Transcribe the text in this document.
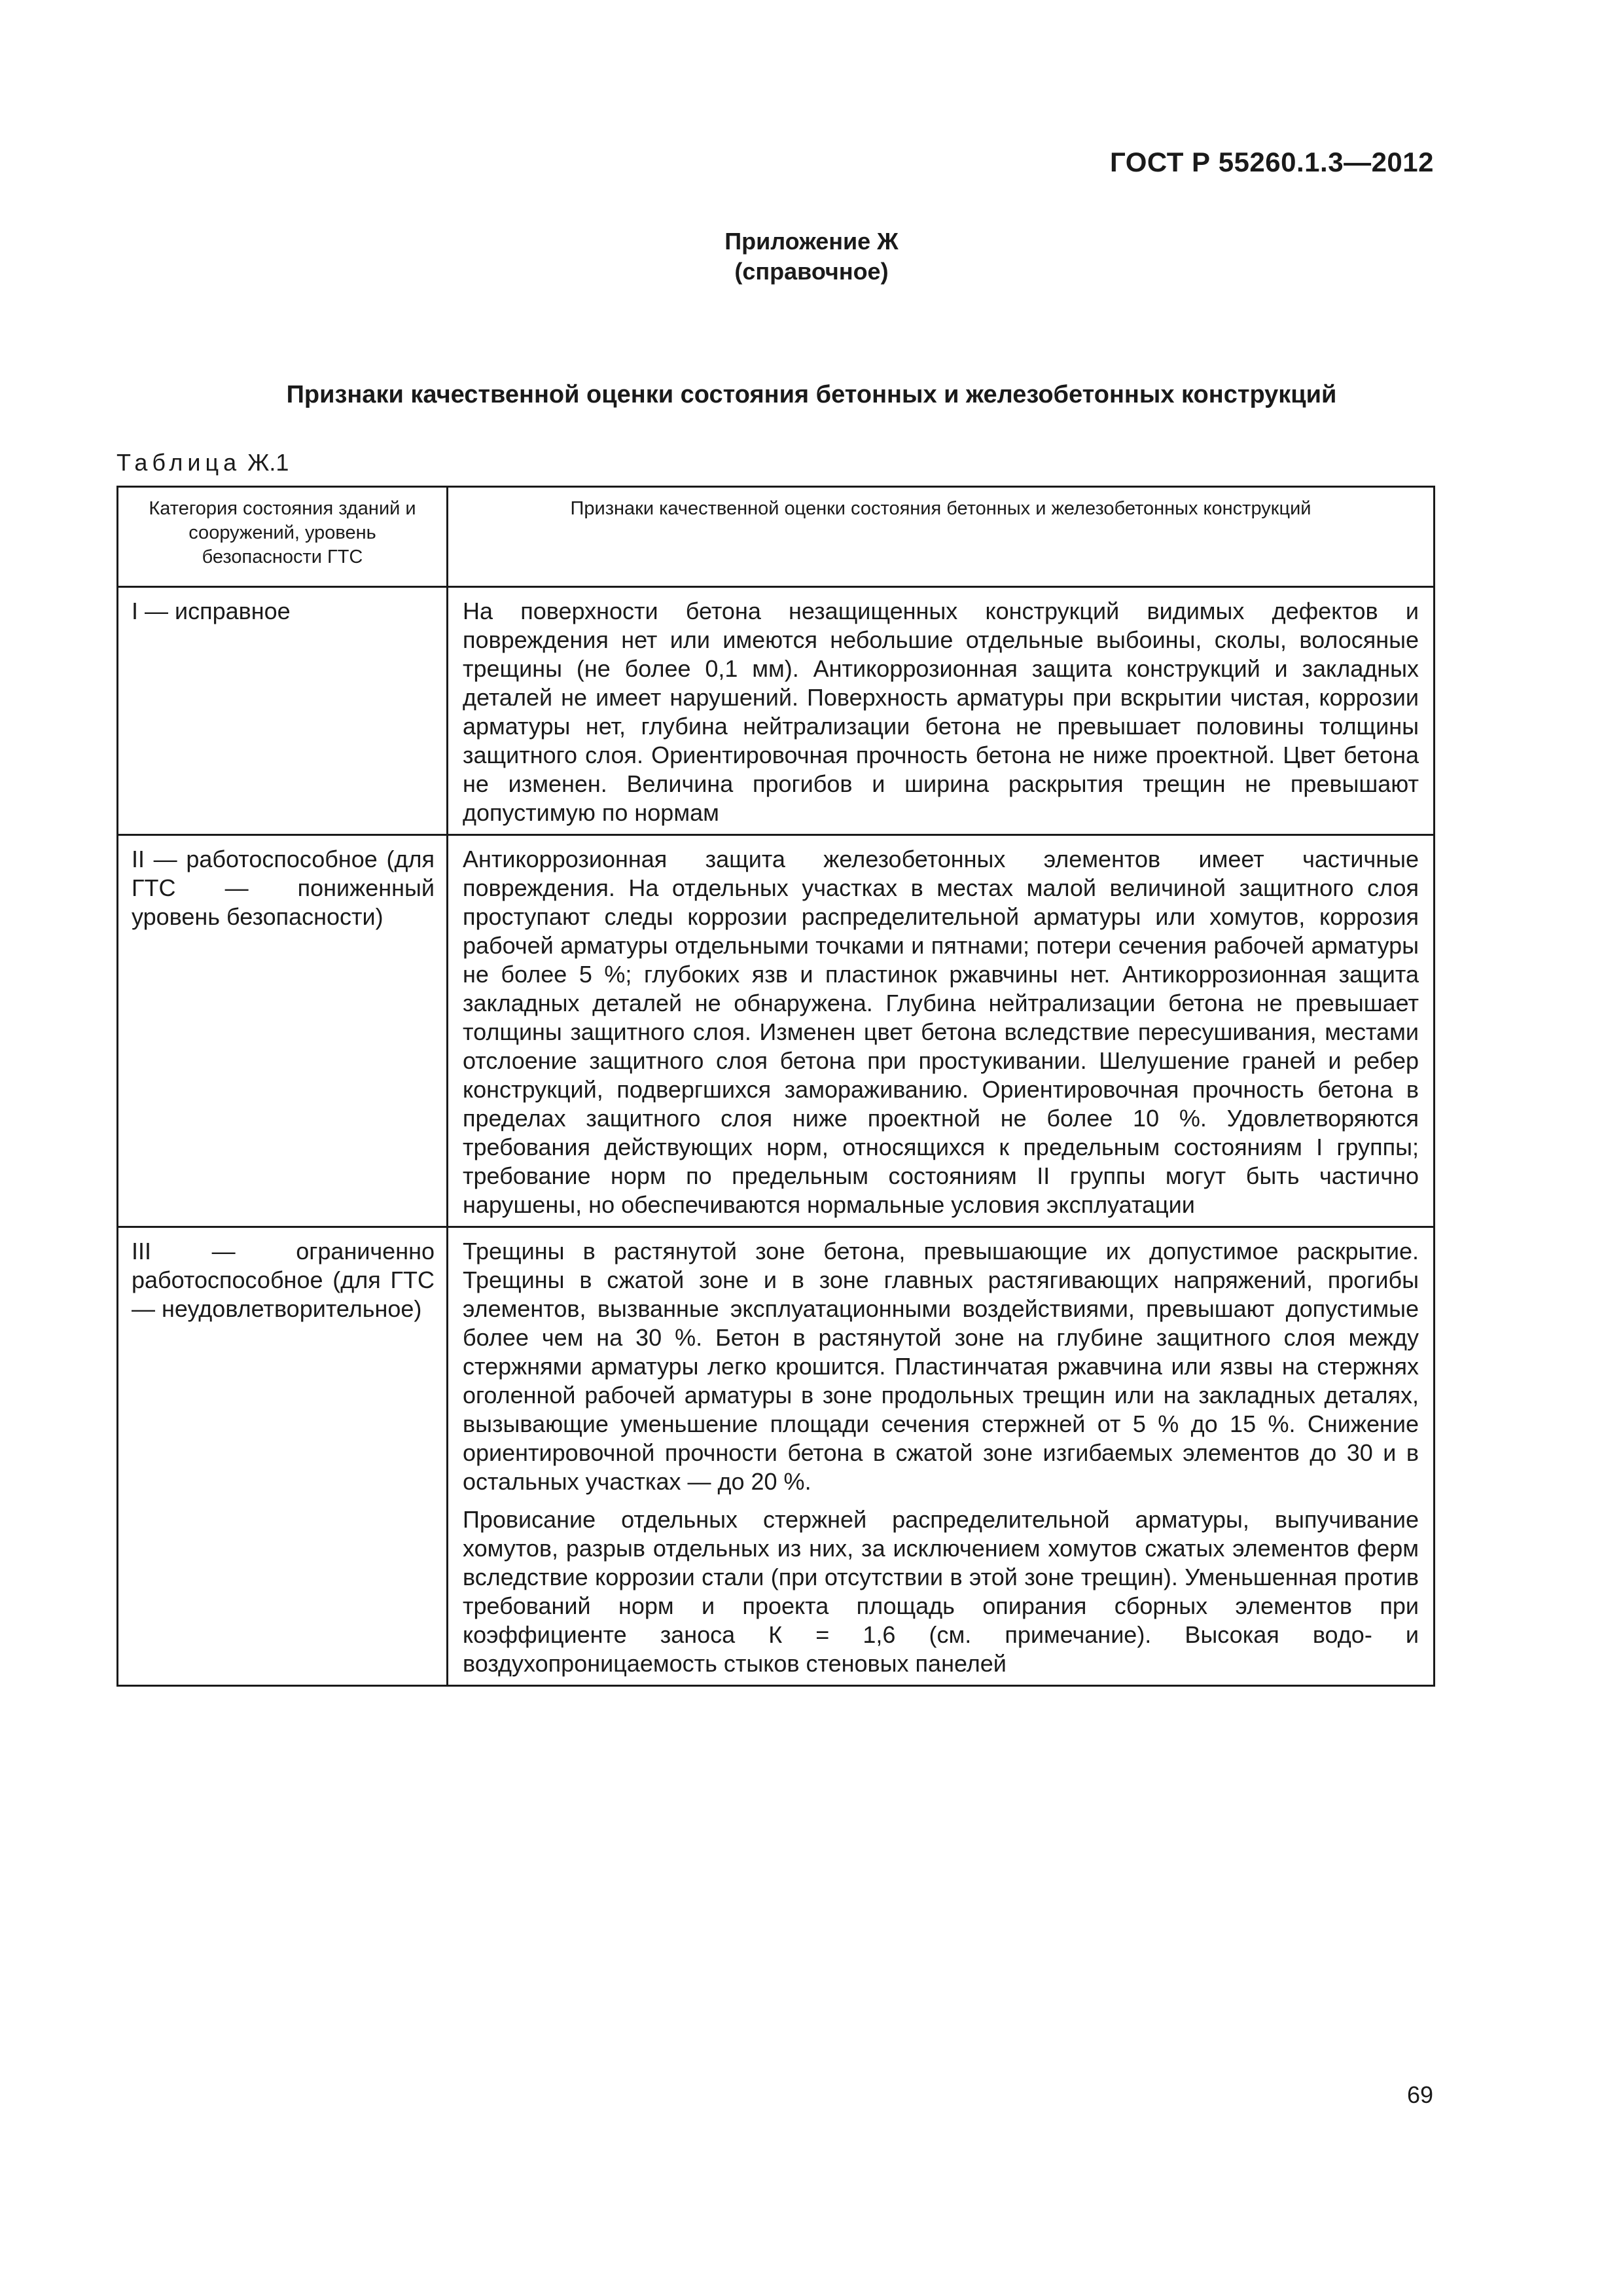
ГОСТ Р 55260.1.3—2012
Приложение Ж
(справочное)
Признаки качественной оценки состояния бетонных и железобетонных конструкций
Таблица Ж.1
Категория состояния зданий и сооружений, уровень безопасности ГТС	Признаки качественной оценки состояния бетонных и железобетонных конструкций

I — исправное	На поверхности бетона незащищенных конструкций видимых дефектов и повреждения нет или имеются небольшие отдельные выбоины, сколы, волосяные трещины (не более 0,1 мм). Антикоррозионная защита конструкций и закладных деталей не имеет нарушений. Поверхность арматуры при вскрытии чистая, коррозии арматуры нет, глубина нейтрализации бетона не превышает половины толщины защитного слоя. Ориентировочная прочность бетона не ниже проектной. Цвет бетона не изменен. Величина прогибов и ширина раскрытия трещин не превышают допустимую по нормам

II — работоспособное (для ГТС — пониженный уровень безопасности)	Антикоррозионная защита железобетонных элементов имеет частичные повреждения. На отдельных участках в местах малой величиной защитного слоя проступают следы коррозии распределительной арматуры или хомутов, коррозия рабочей арматуры отдельными точками и пятнами; потери сечения рабочей арматуры не более 5 %; глубоких язв и пластинок ржавчины нет. Антикоррозионная защита закладных деталей не обнаружена. Глубина нейтрализации бетона не превышает толщины защитного слоя. Изменен цвет бетона вследствие пересушивания, местами отслоение защитного слоя бетона при простукивании. Шелушение граней и ребер конструкций, подвергшихся замораживанию. Ориентировочная прочность бетона в пределах защитного слоя ниже проектной не более 10 %. Удовлетворяются требования действующих норм, относящихся к предельным состояниям I группы; требование норм по предельным состояниям II группы могут быть частично нарушены, но обеспечиваются нормальные условия эксплуатации

III — ограниченно работоспособное (для ГТС — неудовлетворительное)	Трещины в растянутой зоне бетона, превышающие их допустимое раскрытие. Трещины в сжатой зоне и в зоне главных растягивающих напряжений, прогибы элементов, вызванные эксплуатационными воздействиями, превышают допустимые более чем на 30 %. Бетон в растянутой зоне на глубине защитного слоя между стержнями арматуры легко крошится. Пластинчатая ржавчина или язвы на стержнях оголенной рабочей арматуры в зоне продольных трещин или на закладных деталях, вызывающие уменьшение площади сечения стержней от 5 % до 15 %. Снижение ориентировочной прочности бетона в сжатой зоне изгибаемых элементов до 30 и в остальных участках — до 20 %.

Провисание отдельных стержней распределительной арматуры, выпучивание хомутов, разрыв отдельных из них, за исключением хомутов сжатых элементов ферм вследствие коррозии стали (при отсутствии в этой зоне трещин). Уменьшенная против требований норм и проекта площадь опирания сборных элементов при коэффициенте заноса К = 1,6 (см. примечание). Высокая водо- и воздухопроницаемость стыков стеновых панелей

69
